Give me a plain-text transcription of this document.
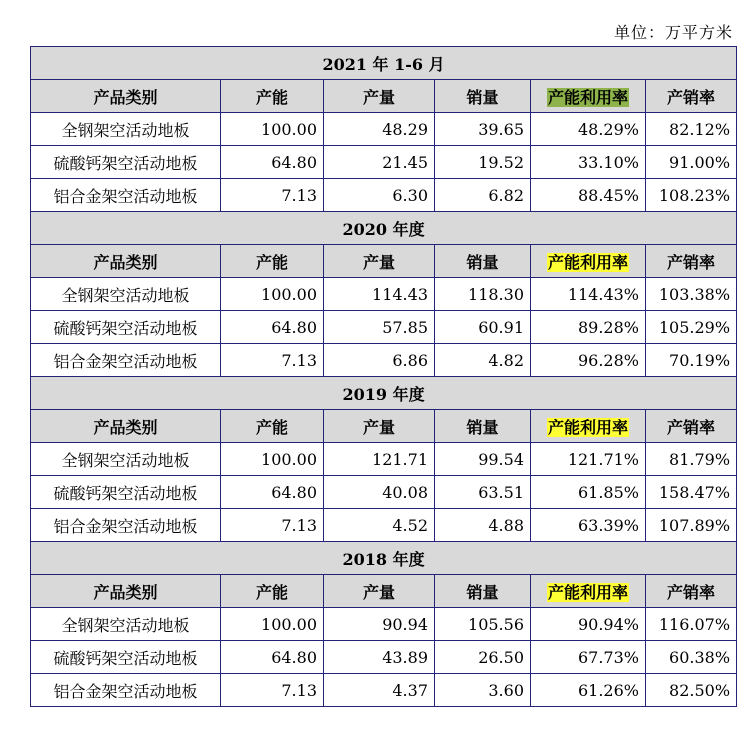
单位：万平方米
2021 年 1-6 月					
产品类别	产能	产量	销量	产能利用率	产销率
全钢架空活动地板	100.00	48.29	39.65	48.29%	82.12%
硫酸钙架空活动地板	64.80	21.45	19.52	33.10%	91.00%
铝合金架空活动地板	7.13	6.30	6.82	88.45%	108.23%
2020 年度					
产品类别	产能	产量	销量	产能利用率	产销率
全钢架空活动地板	100.00	114.43	118.30	114.43%	103.38%
硫酸钙架空活动地板	64.80	57.85	60.91	89.28%	105.29%
铝合金架空活动地板	7.13	6.86	4.82	96.28%	70.19%
2019 年度					
产品类别	产能	产量	销量	产能利用率	产销率
全钢架空活动地板	100.00	121.71	99.54	121.71%	81.79%
硫酸钙架空活动地板	64.80	40.08	63.51	61.85%	158.47%
铝合金架空活动地板	7.13	4.52	4.88	63.39%	107.89%
2018 年度					
产品类别	产能	产量	销量	产能利用率	产销率
全钢架空活动地板	100.00	90.94	105.56	90.94%	116.07%
硫酸钙架空活动地板	64.80	43.89	26.50	67.73%	60.38%
铝合金架空活动地板	7.13	4.37	3.60	61.26%	82.50%
